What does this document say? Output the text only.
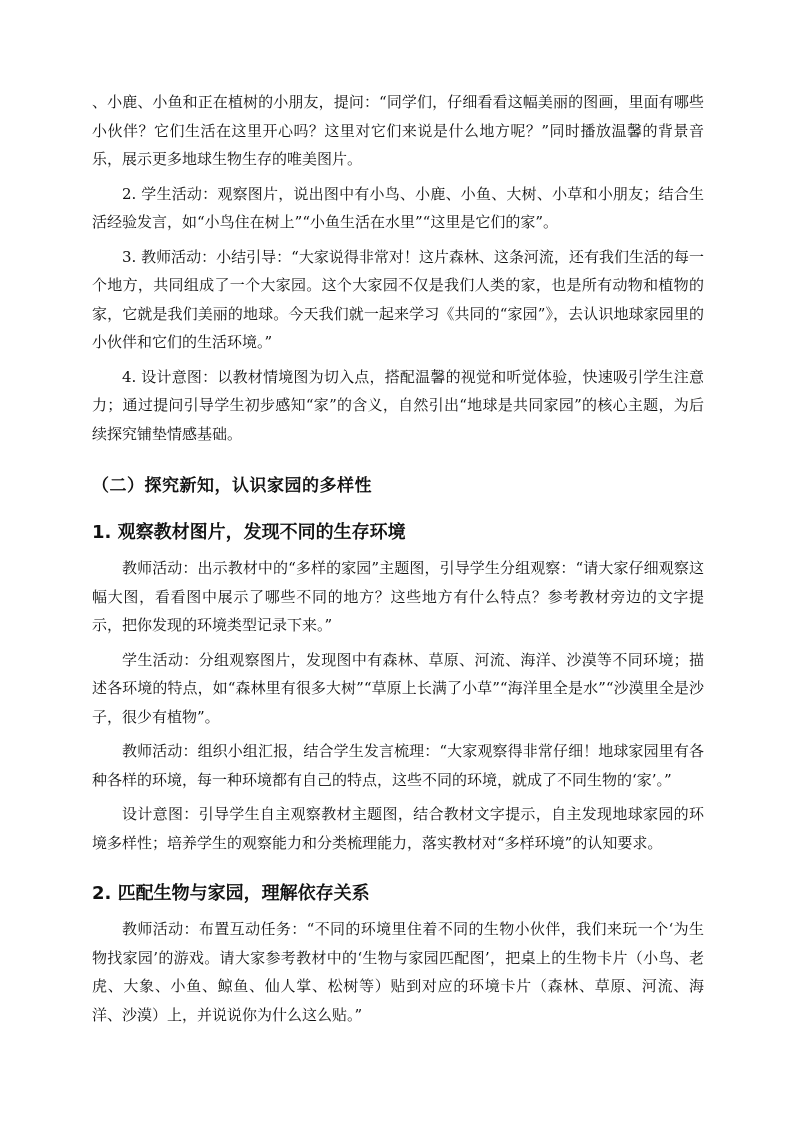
、小鹿、小鱼和正在植树的小朋友，提问：“同学们，仔细看看这幅美丽的图画，里面有哪些小伙伴？它们生活在这里开心吗？这里对它们来说是什么地方呢？”同时播放温馨的背景音乐，展示更多地球生物生存的唯美图片。

2. 学生活动：观察图片，说出图中有小鸟、小鹿、小鱼、大树、小草和小朋友；结合生活经验发言，如“小鸟住在树上”“小鱼生活在水里”“这里是它们的家”。

3. 教师活动：小结引导：“大家说得非常对！这片森林、这条河流，还有我们生活的每一个地方，共同组成了一个大家园。这个大家园不仅是我们人类的家，也是所有动物和植物的家，它就是我们美丽的地球。今天我们就一起来学习《共同的“家园”》，去认识地球家园里的小伙伴和它们的生活环境。”

4. 设计意图：以教材情境图为切入点，搭配温馨的视觉和听觉体验，快速吸引学生注意力；通过提问引导学生初步感知“家”的含义，自然引出“地球是共同家园”的核心主题，为后续探究铺垫情感基础。

（二）探究新知，认识家园的多样性
1. 观察教材图片，发现不同的生存环境

教师活动：出示教材中的“多样的家园”主题图，引导学生分组观察：“请大家仔细观察这幅大图，看看图中展示了哪些不同的地方？这些地方有什么特点？参考教材旁边的文字提示，把你发现的环境类型记录下来。”

学生活动：分组观察图片，发现图中有森林、草原、河流、海洋、沙漠等不同环境；描述各环境的特点，如“森林里有很多大树”“草原上长满了小草”“海洋里全是水”“沙漠里全是沙子，很少有植物”。

教师活动：组织小组汇报，结合学生发言梳理：“大家观察得非常仔细！地球家园里有各种各样的环境，每一种环境都有自己的特点，这些不同的环境，就成了不同生物的‘家’。”

设计意图：引导学生自主观察教材主题图，结合教材文字提示，自主发现地球家园的环境多样性；培养学生的观察能力和分类梳理能力，落实教材对“多样环境”的认知要求。

2. 匹配生物与家园，理解依存关系

教师活动：布置互动任务：“不同的环境里住着不同的生物小伙伴，我们来玩一个‘为生物找家园’的游戏。请大家参考教材中的‘生物与家园匹配图’，把桌上的生物卡片（小鸟、老虎、大象、小鱼、鲸鱼、仙人掌、松树等）贴到对应的环境卡片（森林、草原、河流、海洋、沙漠）上，并说说你为什么这么贴。”
